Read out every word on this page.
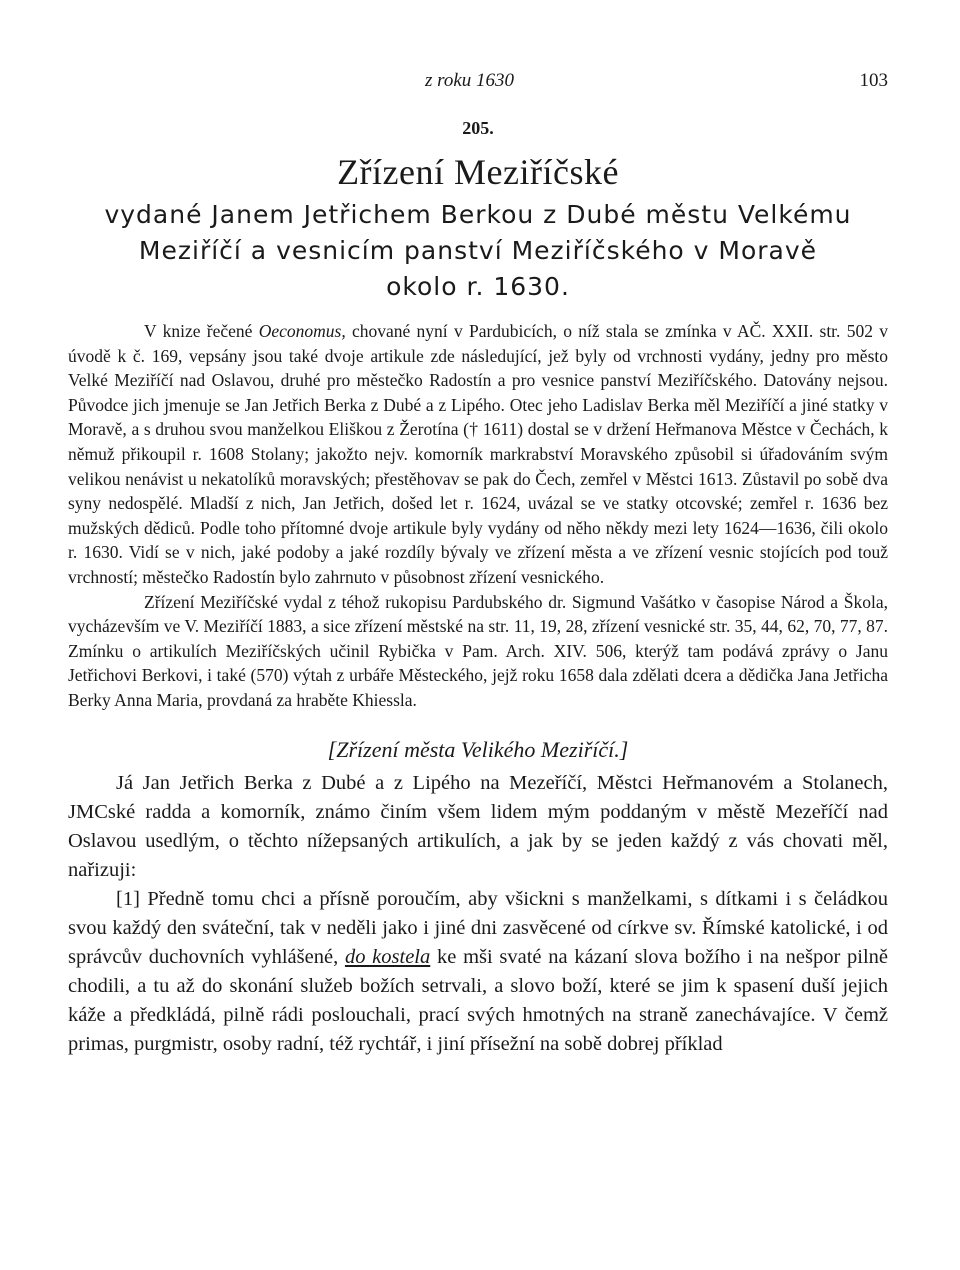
z roku 1630	103
205.
Zřízení Meziříčské
vydané Janem Jetřichem Berkou z Dubé městu Velkému
Meziříčí a vesnicím panství Meziříčského v Moravě
okolo r. 1630.

V knize řečené Oeconomus, chované nyní v Pardubicích, o níž stala se zmínka v AČ. XXII. str. 502 v úvodě k č. 169, vepsány jsou také dvoje artikule zde následující, jež byly od vrchnosti vydány, jedny pro město Velké Meziříčí nad Oslavou, druhé pro městečko Radostín a pro vesnice panství Meziříčského. Datovány nejsou. Původce jich jmenuje se Jan Jetřich Berka z Dubé a z Lipého. Otec jeho Ladislav Berka měl Meziříčí a jiné statky v Moravě, a s druhou svou manželkou Eliškou z Žerotína († 1611) dostal se v držení Heřmanova Městce v Čechách, k němuž přikoupil r. 1608 Stolany; jakožto nejv. komorník markrabství Moravského způsobil si úřadováním svým velikou nenávist u nekatolíků moravských; přestěhovav se pak do Čech, zemřel v Městci 1613. Zůstavil po sobě dva syny nedospělé. Mladší z nich, Jan Jetřich, došed let r. 1624, uvázal se ve statky otcovské; zemřel r. 1636 bez mužských dědiců. Podle toho přítomné dvoje artikule byly vydány od něho někdy mezi lety 1624—1636, čili okolo r. 1630. Vidí se v nich, jaké podoby a jaké rozdíly bývaly ve zřízení města a ve zřízení vesnic stojících pod touž vrchností; městečko Radostín bylo zahrnuto v působnost zřízení vesnického.

Zřízení Meziříčské vydal z téhož rukopisu Pardubského dr. Sigmund Vašátko v časopise Národ a Škola, vycházevším ve V. Meziříčí 1883, a sice zřízení městské na str. 11, 19, 28, zřízení vesnické str. 35, 44, 62, 70, 77, 87. Zmínku o artikulích Meziříčských učinil Rybička v Pam. Arch. XIV. 506, kterýž tam podává zprávy o Janu Jetřichovi Berkovi, i také (570) výtah z urbáře Městeckého, jejž roku 1658 dala zdělati dcera a dědička Jana Jetřicha Berky Anna Maria, provdaná za hraběte Khiessla.

[Zřízení města Velikého Meziříčí.]

Já Jan Jetřich Berka z Dubé a z Lipého na Mezeříčí, Městci Heřmanovém a Stolanech, JMCské radda a komorník, známo činím všem lidem mým poddaným v městě Mezeříčí nad Oslavou usedlým, o těchto nížepsaných artikulích, a jak by se jeden každý z vás chovati měl, nařizuji:

[1] Předně tomu chci a přísně poroučím, aby všickni s manželkami, s dítkami i s čeládkou svou každý den sváteční, tak v neděli jako i jiné dni zasvěcené od církve sv. Římské katolické, i od správcův duchovních vyhlášené, do kostela ke mši svaté na kázaní slova božího i na nešpor pilně chodili, a tu až do skonání služeb božích setrvali, a slovo boží, které se jim k spasení duší jejich káže a předkládá, pilně rádi poslouchali, prací svých hmotných na straně zanechávajíce. V čemž primas, purgmistr, osoby radní, též rychtář, i jiní přísežní na sobě dobrej příklad
